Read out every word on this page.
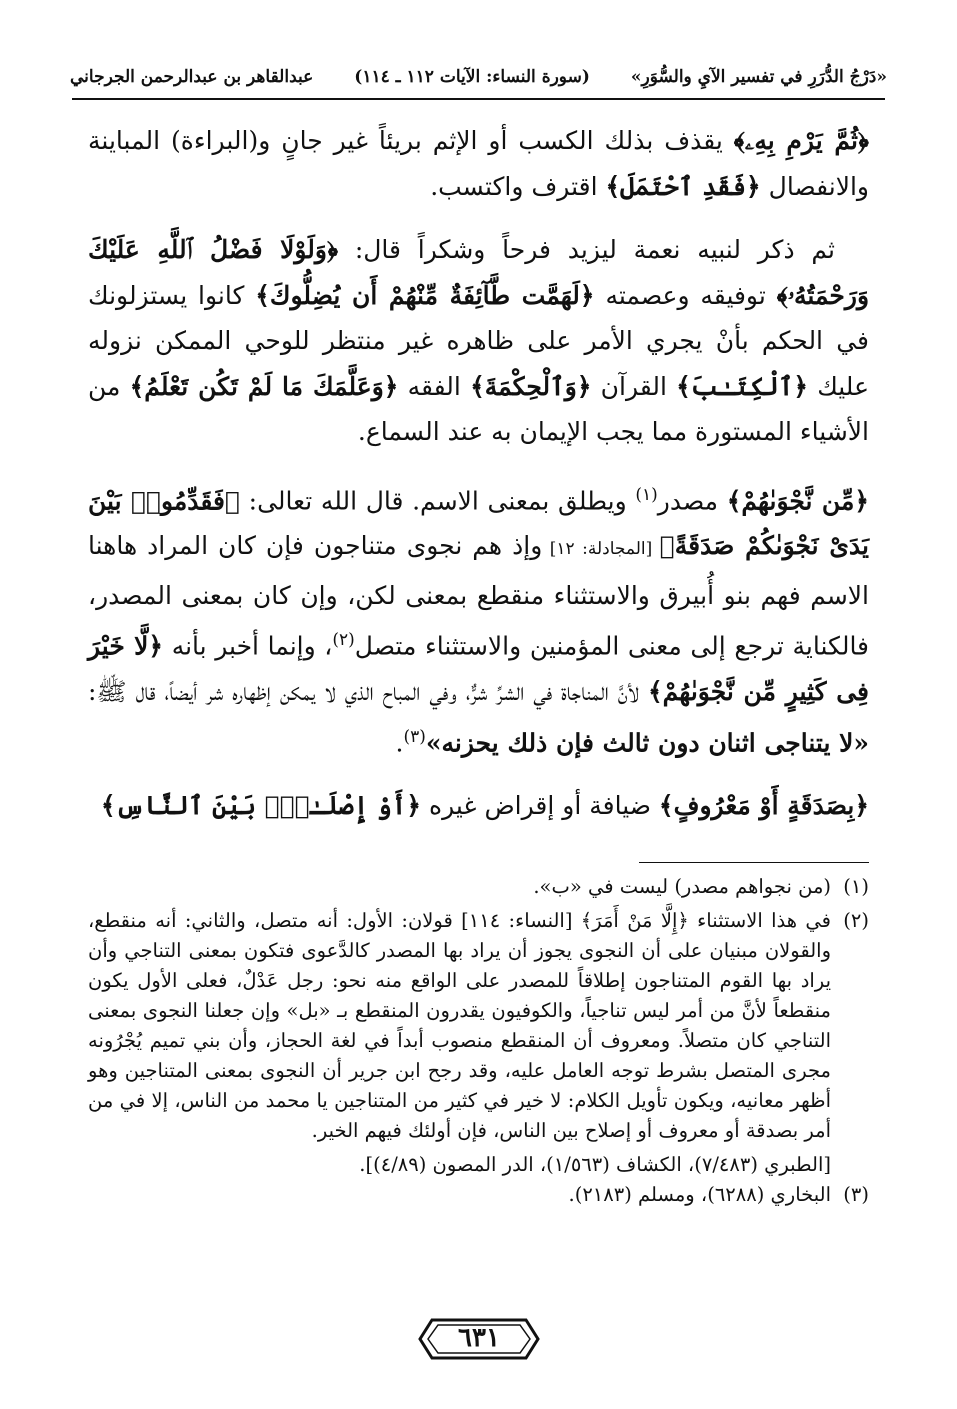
«دَرْجُ الدُّرَرِ في تفسير الآيِ والسُّوَرِ»
(سورة النساء: الآيات ١١٢ ـ ١١٤)
عبدالقاهر بن عبدالرحمن الجرجاني

﴿ثُمَّ يَرْمِ بِهِۦ﴾ يقذف بذلك الكسب أو الإثم بريئاً غير جانٍ و(البراءة) المباينة والانفصال ﴿فَقَدِ ٱحْتَمَلَ﴾ اقترف واكتسب.

ثم ذكر لنبيه نعمة ليزيد فرحاً وشكراً قال: ﴿وَلَوْلَا فَضْلُ ٱللَّهِ عَلَيْكَ وَرَحْمَتُهُۥ﴾ توفيقه وعصمته ﴿لَهَمَّت طَّآئِفَةٌ مِّنْهُمْ أَن يُضِلُّوكَ﴾ كانوا يستزلونك في الحكم بأنْ يجري الأمر على ظاهره غير منتظر للوحي الممكن نزوله عليك ﴿ٱلْكِتَـٰبَ﴾ القرآن ﴿وَٱلْحِكْمَةَ﴾ الفقه ﴿وَعَلَّمَكَ مَا لَمْ تَكُن تَعْلَمُ﴾ من الأشياء المستورة مما يجب الإيمان به عند السماع.

﴿مِّن نَّجْوَىٰهُمْ﴾ مصدر$^{(١)}$ ويطلق بمعنى الاسم. قال الله تعالى: ﴿فَقَدِّمُوا۟ بَيْنَ يَدَىْ نَجْوَىٰكُمْ صَدَقَةً﴾ [المجادلة: ١٢] وإذ هم نجوى متناجون فإن كان المراد هاهنا الاسم فهم بنو أُبيرق والاستثناء منقطع بمعنى لكن، وإن كان بمعنى المصدر، فالكناية ترجع إلى معنى المؤمنين والاستثناء متصل$^{(٢)}$، وإنما أخبر بأنه ﴿لَّا خَيْرَ فِى كَثِيرٍ مِّن نَّجْوَىٰهُمْ﴾ لأنَّ المناجاة في الشرِّ شرٌّ، وفي المباح الذي لا يمكن إظهاره شر أيضاً، قال ﷺ: «لا يتناجى اثنان دون ثالث فإن ذلك يحزنه»$^{(٣)}$.

﴿بِصَدَقَةٍ أَوْ مَعْرُوفٍ﴾ ضيافة أو إقراض غيره ﴿أَوْ إِصْلَـٰحٍۭ بَيْنَ ٱلنَّاسِ﴾

(١)
(من نجواهم مصدر) ليست في «ب».
(٢)
في هذا الاستثناء ﴿إِلَّا مَنْ أَمَرَ﴾ [النساء: ١١٤] قولان: الأول: أنه متصل، والثاني: أنه منقطع، والقولان مبنيان على أن النجوى يجوز أن يراد بها المصدر كالدَّعوى فتكون بمعنى التناجي وأن يراد بها القوم المتناجون إطلاقاً للمصدر على الواقع منه نحو: رجل عَدْلٌ، فعلى الأول يكون منقطعاً لأنَّ من أمر ليس تناجياً، والكوفيون يقدرون المنقطع بـ «بل» وإن جعلنا النجوى بمعنى التناجي كان متصلاً. ومعروف أن المنقطع منصوب أبداً في لغة الحجاز، وأن بني تميم يُجْرُونه مجرى المتصل بشرط توجه العامل عليه، وقد رجح ابن جرير أن النجوى بمعنى المتناجين وهو أظهر معانيه، ويكون تأويل الكلام: لا خير في كثير من المتناجين يا محمد من الناس، إلا في من أمر بصدقة أو معروف أو إصلاح بين الناس، فإن أولئك فيهم الخير.
[الطبري (٧/٤٨٣)، الكشاف (١/٥٦٣)، الدر المصون (٤/٨٩)].
(٣)
البخاري (٦٢٨٨)، ومسلم (٢١٨٣).
٦٣١
